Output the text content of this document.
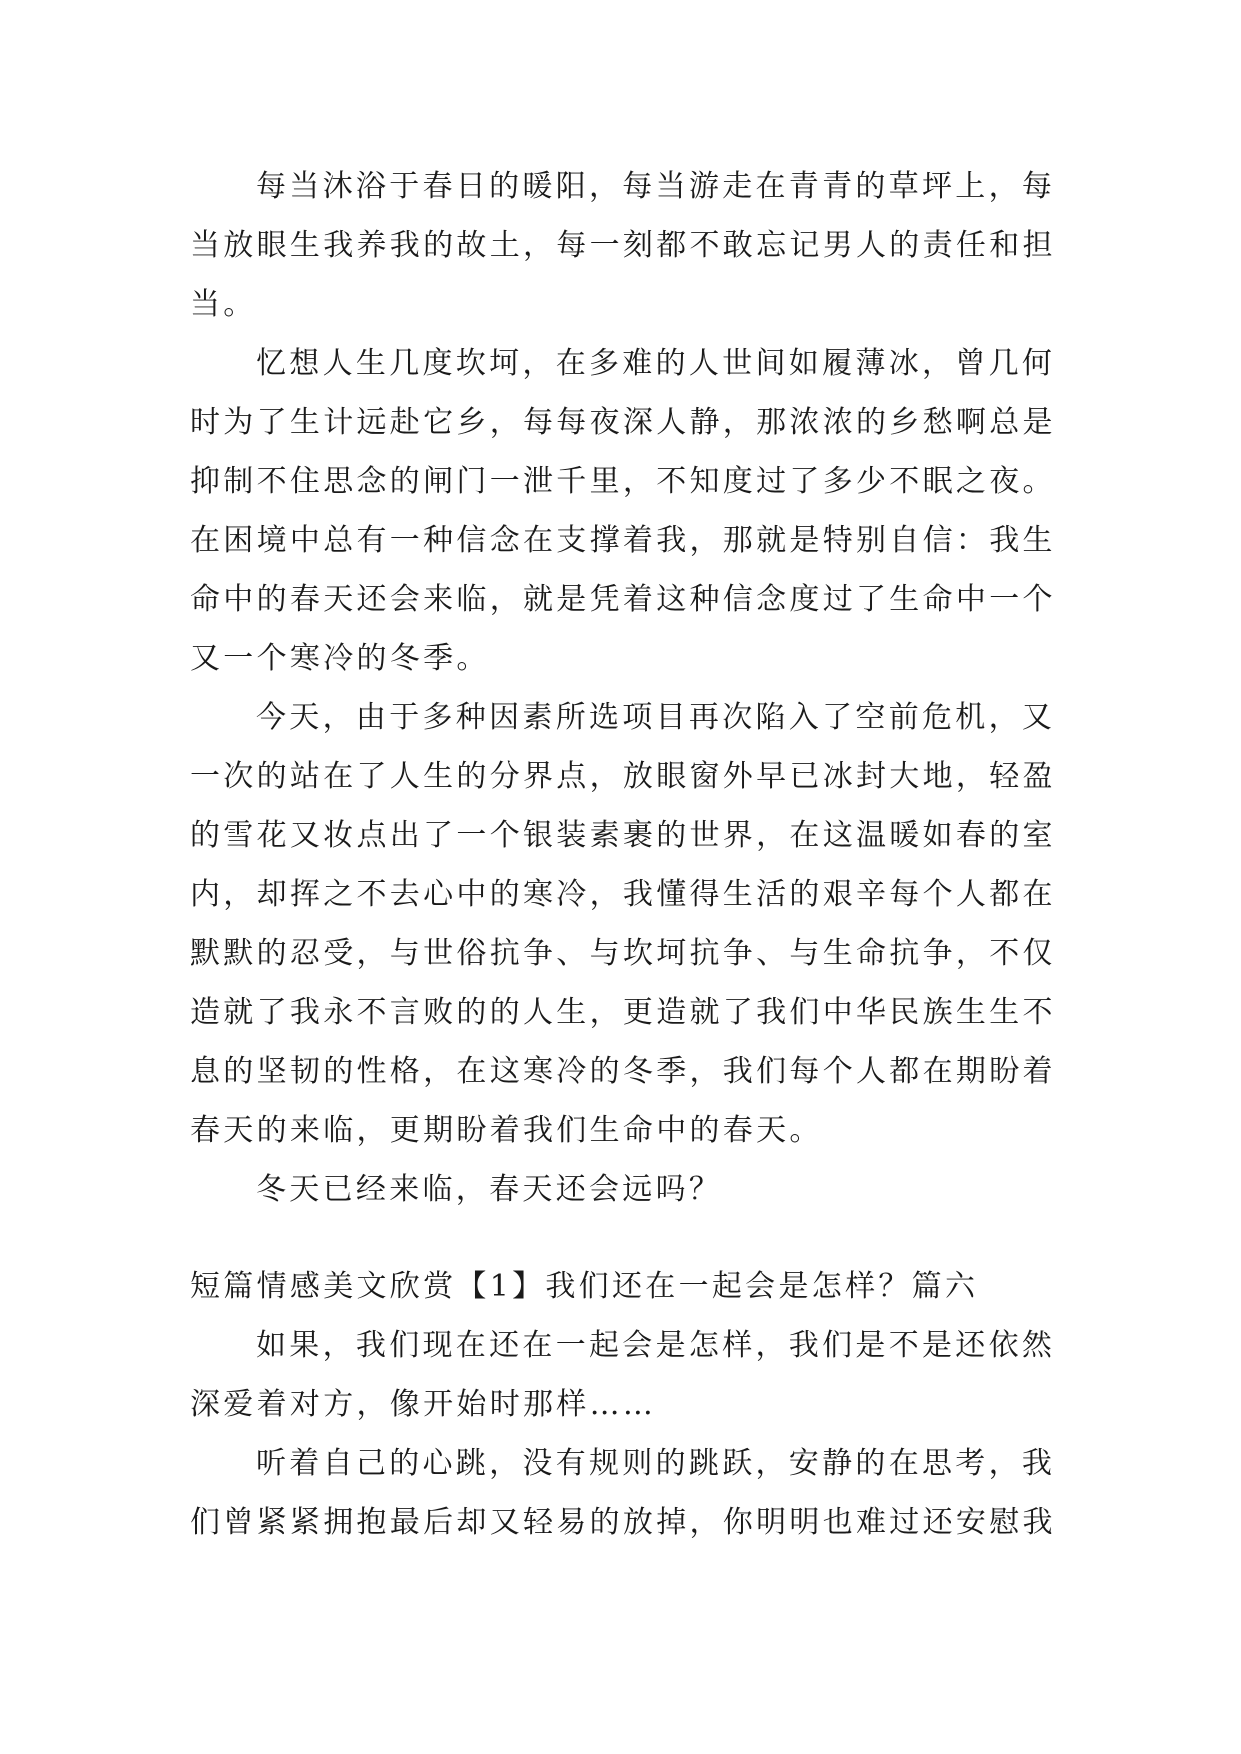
每当沐浴于春日的暖阳，每当游走在青青的草坪上，每
当放眼生我养我的故土，每一刻都不敢忘记男人的责任和担
当。
忆想人生几度坎坷，在多难的人世间如履薄冰，曾几何
时为了生计远赴它乡，每每夜深人静，那浓浓的乡愁啊总是
抑制不住思念的闸门一泄千里，不知度过了多少不眠之夜。
在困境中总有一种信念在支撑着我，那就是特别自信：我生
命中的春天还会来临，就是凭着这种信念度过了生命中一个
又一个寒冷的冬季。
今天，由于多种因素所选项目再次陷入了空前危机，又
一次的站在了人生的分界点，放眼窗外早已冰封大地，轻盈
的雪花又妆点出了一个银装素裹的世界，在这温暖如春的室
内，却挥之不去心中的寒冷，我懂得生活的艰辛每个人都在
默默的忍受，与世俗抗争、与坎坷抗争、与生命抗争，不仅
造就了我永不言败的的人生，更造就了我们中华民族生生不
息的坚韧的性格，在这寒冷的冬季，我们每个人都在期盼着
春天的来临，更期盼着我们生命中的春天。
冬天已经来临，春天还会远吗？
短篇情感美文欣赏【1】我们还在一起会是怎样？篇六
如果，我们现在还在一起会是怎样，我们是不是还依然
深爱着对方，像开始时那样……
听着自己的心跳，没有规则的跳跃，安静的在思考，我
们曾紧紧拥抱最后却又轻易的放掉，你明明也难过还安慰我
